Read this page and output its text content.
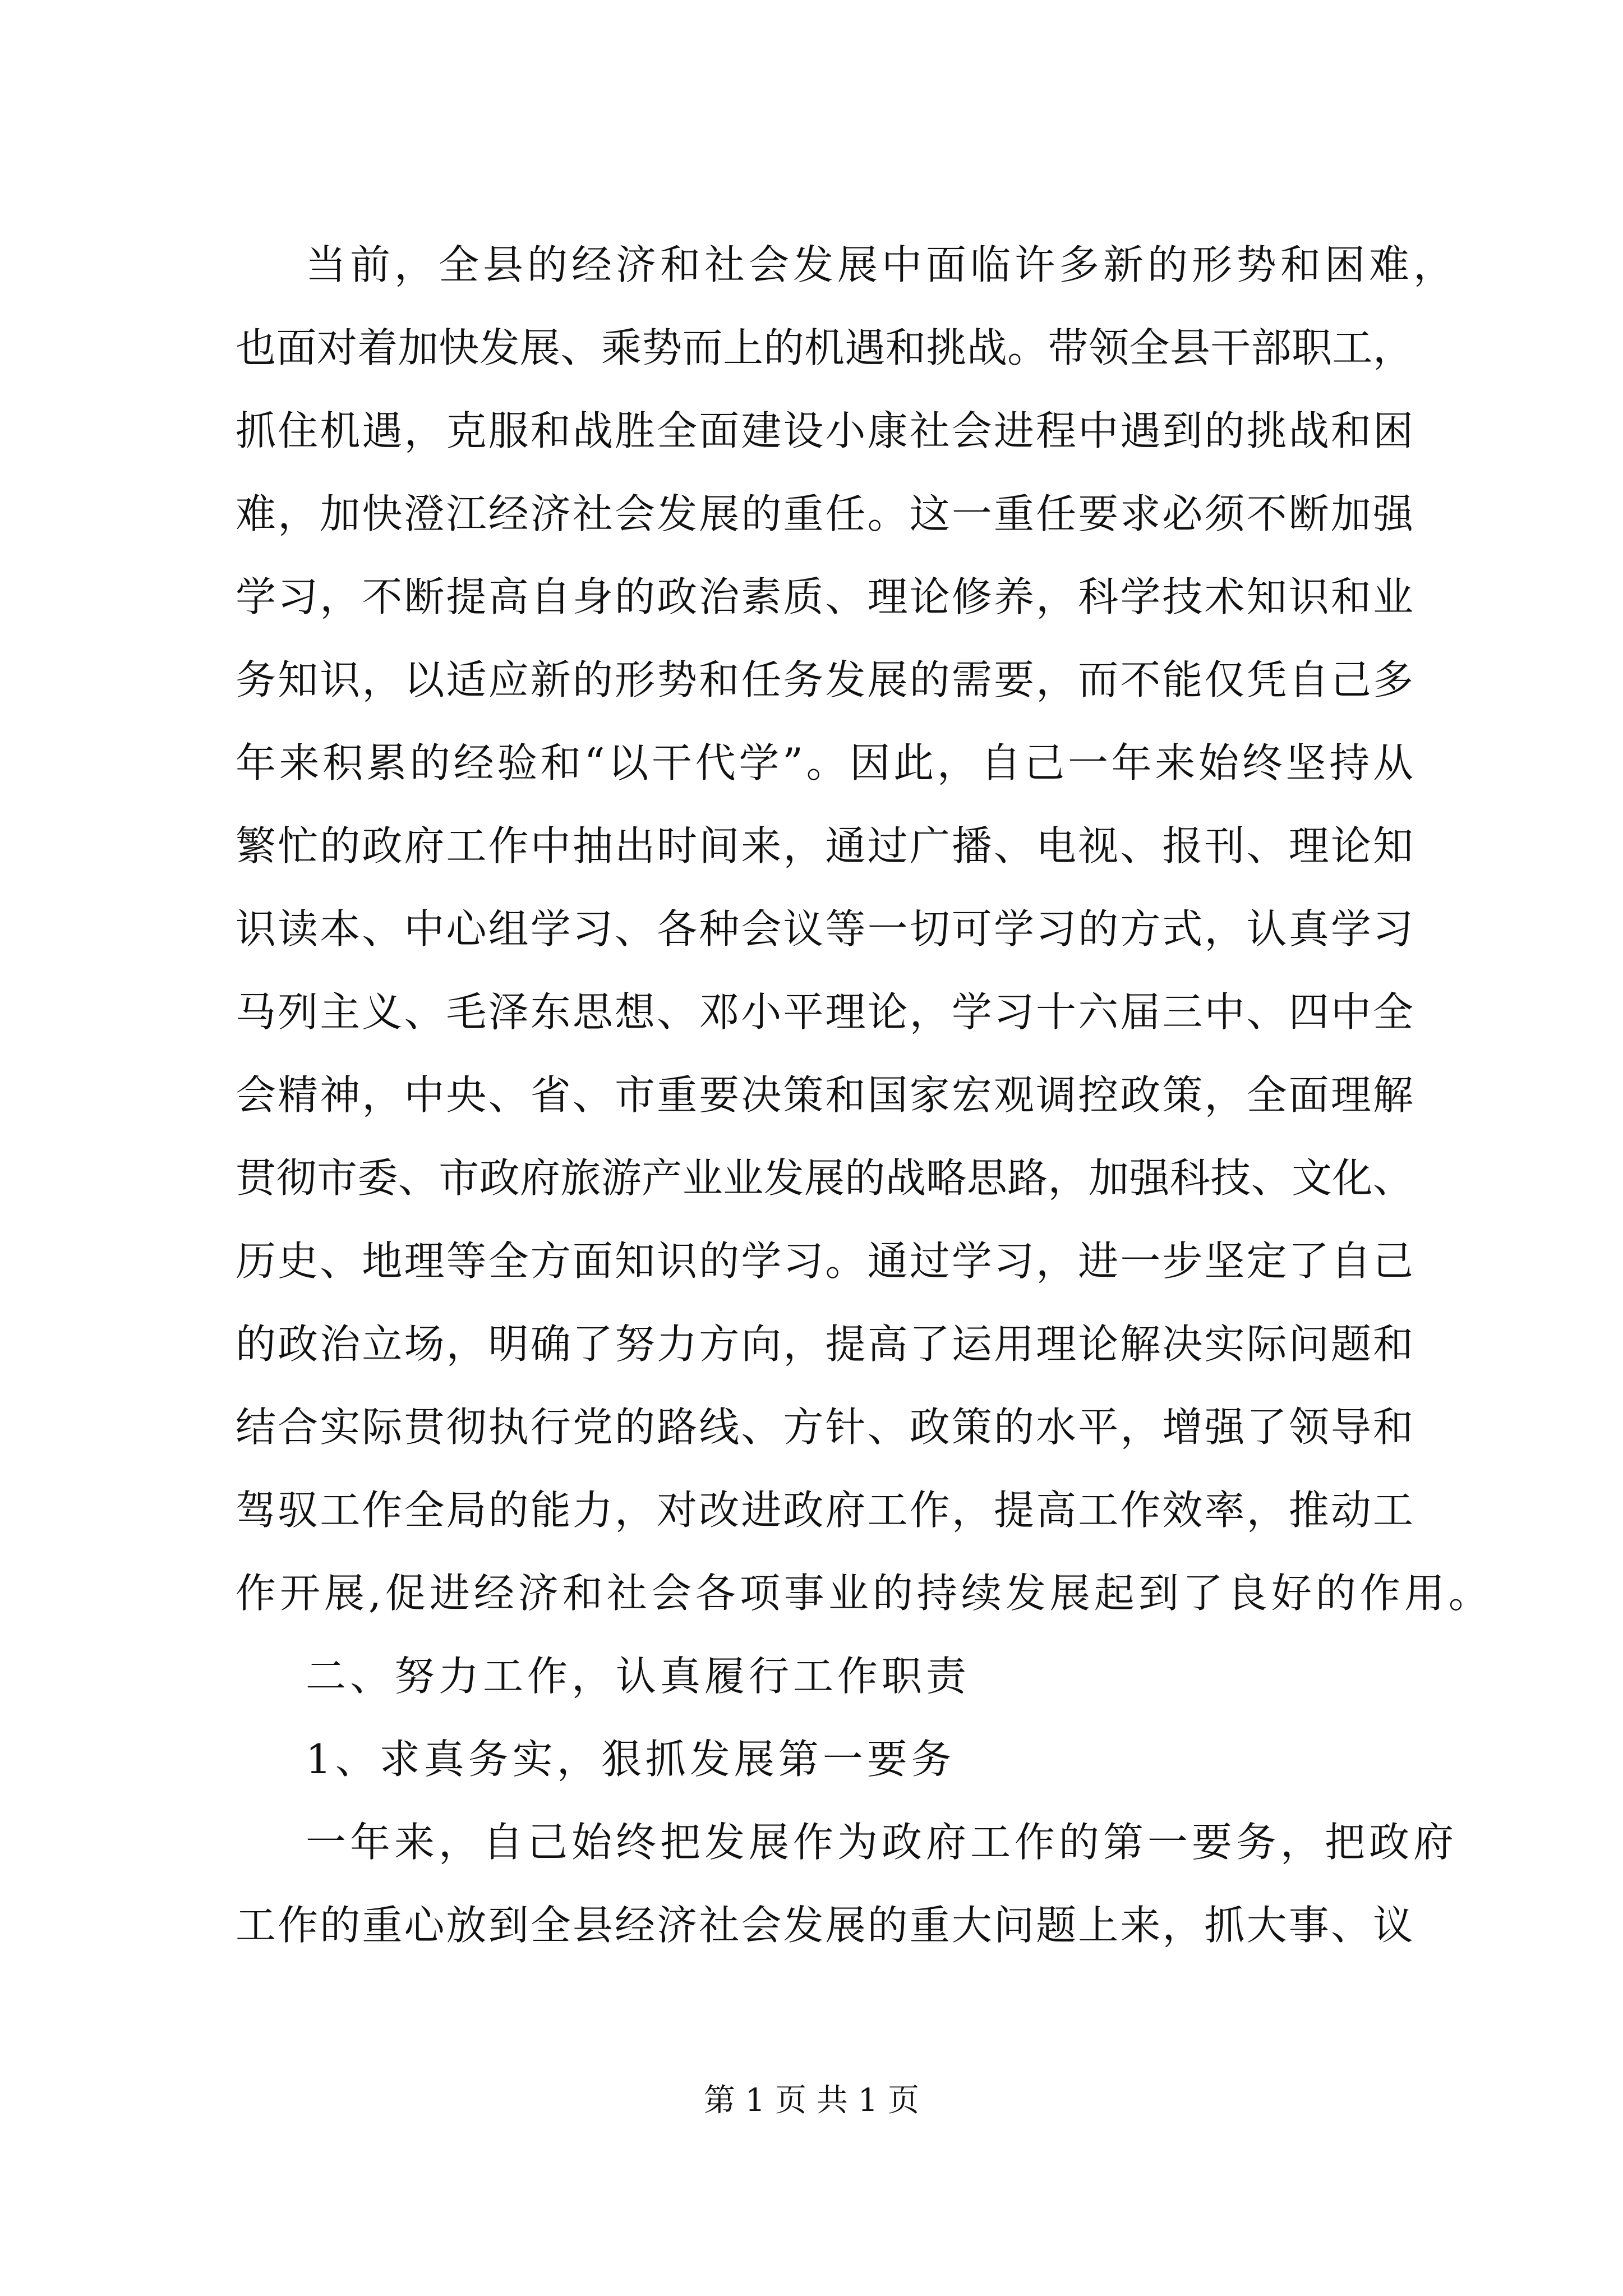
当前，全县的经济和社会发展中面临许多新的形势和困难，
也面对着加快发展、乘势而上的机遇和挑战。带领全县干部职工，
抓住机遇，克服和战胜全面建设小康社会进程中遇到的挑战和困
难，加快澄江经济社会发展的重任。这一重任要求必须不断加强
学习，不断提高自身的政治素质、理论修养，科学技术知识和业
务知识，以适应新的形势和任务发展的需要，而不能仅凭自己多
年来积累的经验和“以干代学”。因此，自己一年来始终坚持从
繁忙的政府工作中抽出时间来，通过广播、电视、报刊、理论知
识读本、中心组学习、各种会议等一切可学习的方式，认真学习
马列主义、毛泽东思想、邓小平理论，学习十六届三中、四中全
会精神，中央、省、市重要决策和国家宏观调控政策，全面理解
贯彻市委、市政府旅游产业业发展的战略思路，加强科技、文化、
历史、地理等全方面知识的学习。通过学习，进一步坚定了自己
的政治立场，明确了努力方向，提高了运用理论解决实际问题和
结合实际贯彻执行党的路线、方针、政策的水平，增强了领导和
驾驭工作全局的能力，对改进政府工作，提高工作效率，推动工
作开展,促进经济和社会各项事业的持续发展起到了良好的作用。
二、努力工作，认真履行工作职责
1、求真务实，狠抓发展第一要务
一年来，自己始终把发展作为政府工作的第一要务，把政府
工作的重心放到全县经济社会发展的重大问题上来，抓大事、议
第 1 页 共 1 页
